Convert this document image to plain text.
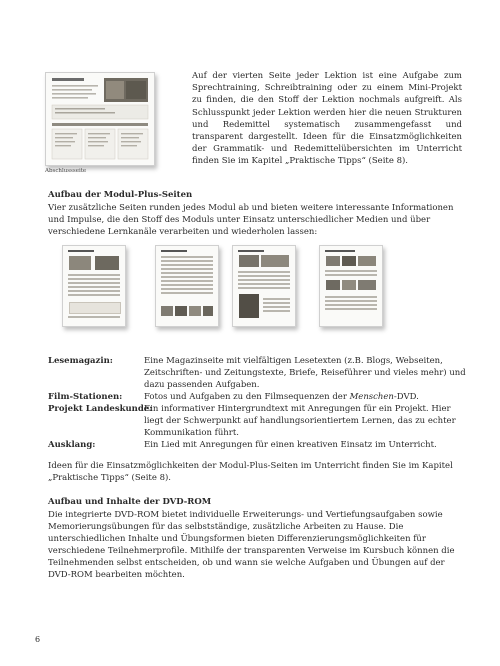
Abschlussseite

Auf der vierten Seite jeder Lektion ist eine Aufgabe zum Sprechtraining, Schreibtraining oder zu einem Mini-Projekt zu finden, die den Stoff der Lektion nochmals aufgreift. Als Schlusspunkt jeder Lektion werden hier die neuen Strukturen und Redemittel systematisch zusammengefasst und transparent dargestellt. Ideen für die Einsatzmöglichkeiten der Grammatik- und Redemittelübersichten im Unterricht finden Sie im Kapitel „Praktische Tipps“ (Seite 8).

Aufbau der Modul-Plus-Seiten

Vier zusätzliche Seiten runden jedes Modul ab und bieten weitere interessante Informationen und Impulse, die den Stoff des Moduls unter Einsatz unterschiedlicher Medien und über verschiedene Lernkanäle verarbeiten und wiederholen lassen:

Lesemagazin:	Eine Magazinseite mit vielfältigen Lesetexten (z.B. Blogs, Webseiten, Zeitschriften- und Zeitungstexte, Briefe, Reiseführer und vieles mehr) und dazu passenden Aufgaben.
Film-Stationen:	Fotos und Aufgaben zu den Filmsequenzen der Menschen-DVD.
Projekt Landeskunde:
Ein informativer Hintergrundtext mit Anregungen für ein Projekt. Hier liegt der Schwerpunkt auf handlungsorientiertem Lernen, das zu echter Kommunikation führt.
Ausklang:	Ein Lied mit Anregungen für einen kreativen Einsatz im Unterricht.

Ideen für die Einsatzmöglichkeiten der Modul-Plus-Seiten im Unterricht finden Sie im Kapitel „Praktische Tipps“ (Seite 8).

Aufbau und Inhalte der DVD-ROM

Die integrierte DVD-ROM bietet individuelle Erweiterungs- und Vertiefungsaufgaben sowie Memorierungsübungen für das selbstständige, zusätzliche Arbeiten zu Hause. Die unterschiedlichen Inhalte und Übungsformen bieten Differenzierungsmöglichkeiten für verschiedene Teilnehmerprofile. Mithilfe der transparenten Verweise im Kursbuch können die Teilnehmenden selbst entscheiden, ob und wann sie welche Aufgaben und Übungen auf der DVD-ROM bearbeiten möchten.

6
